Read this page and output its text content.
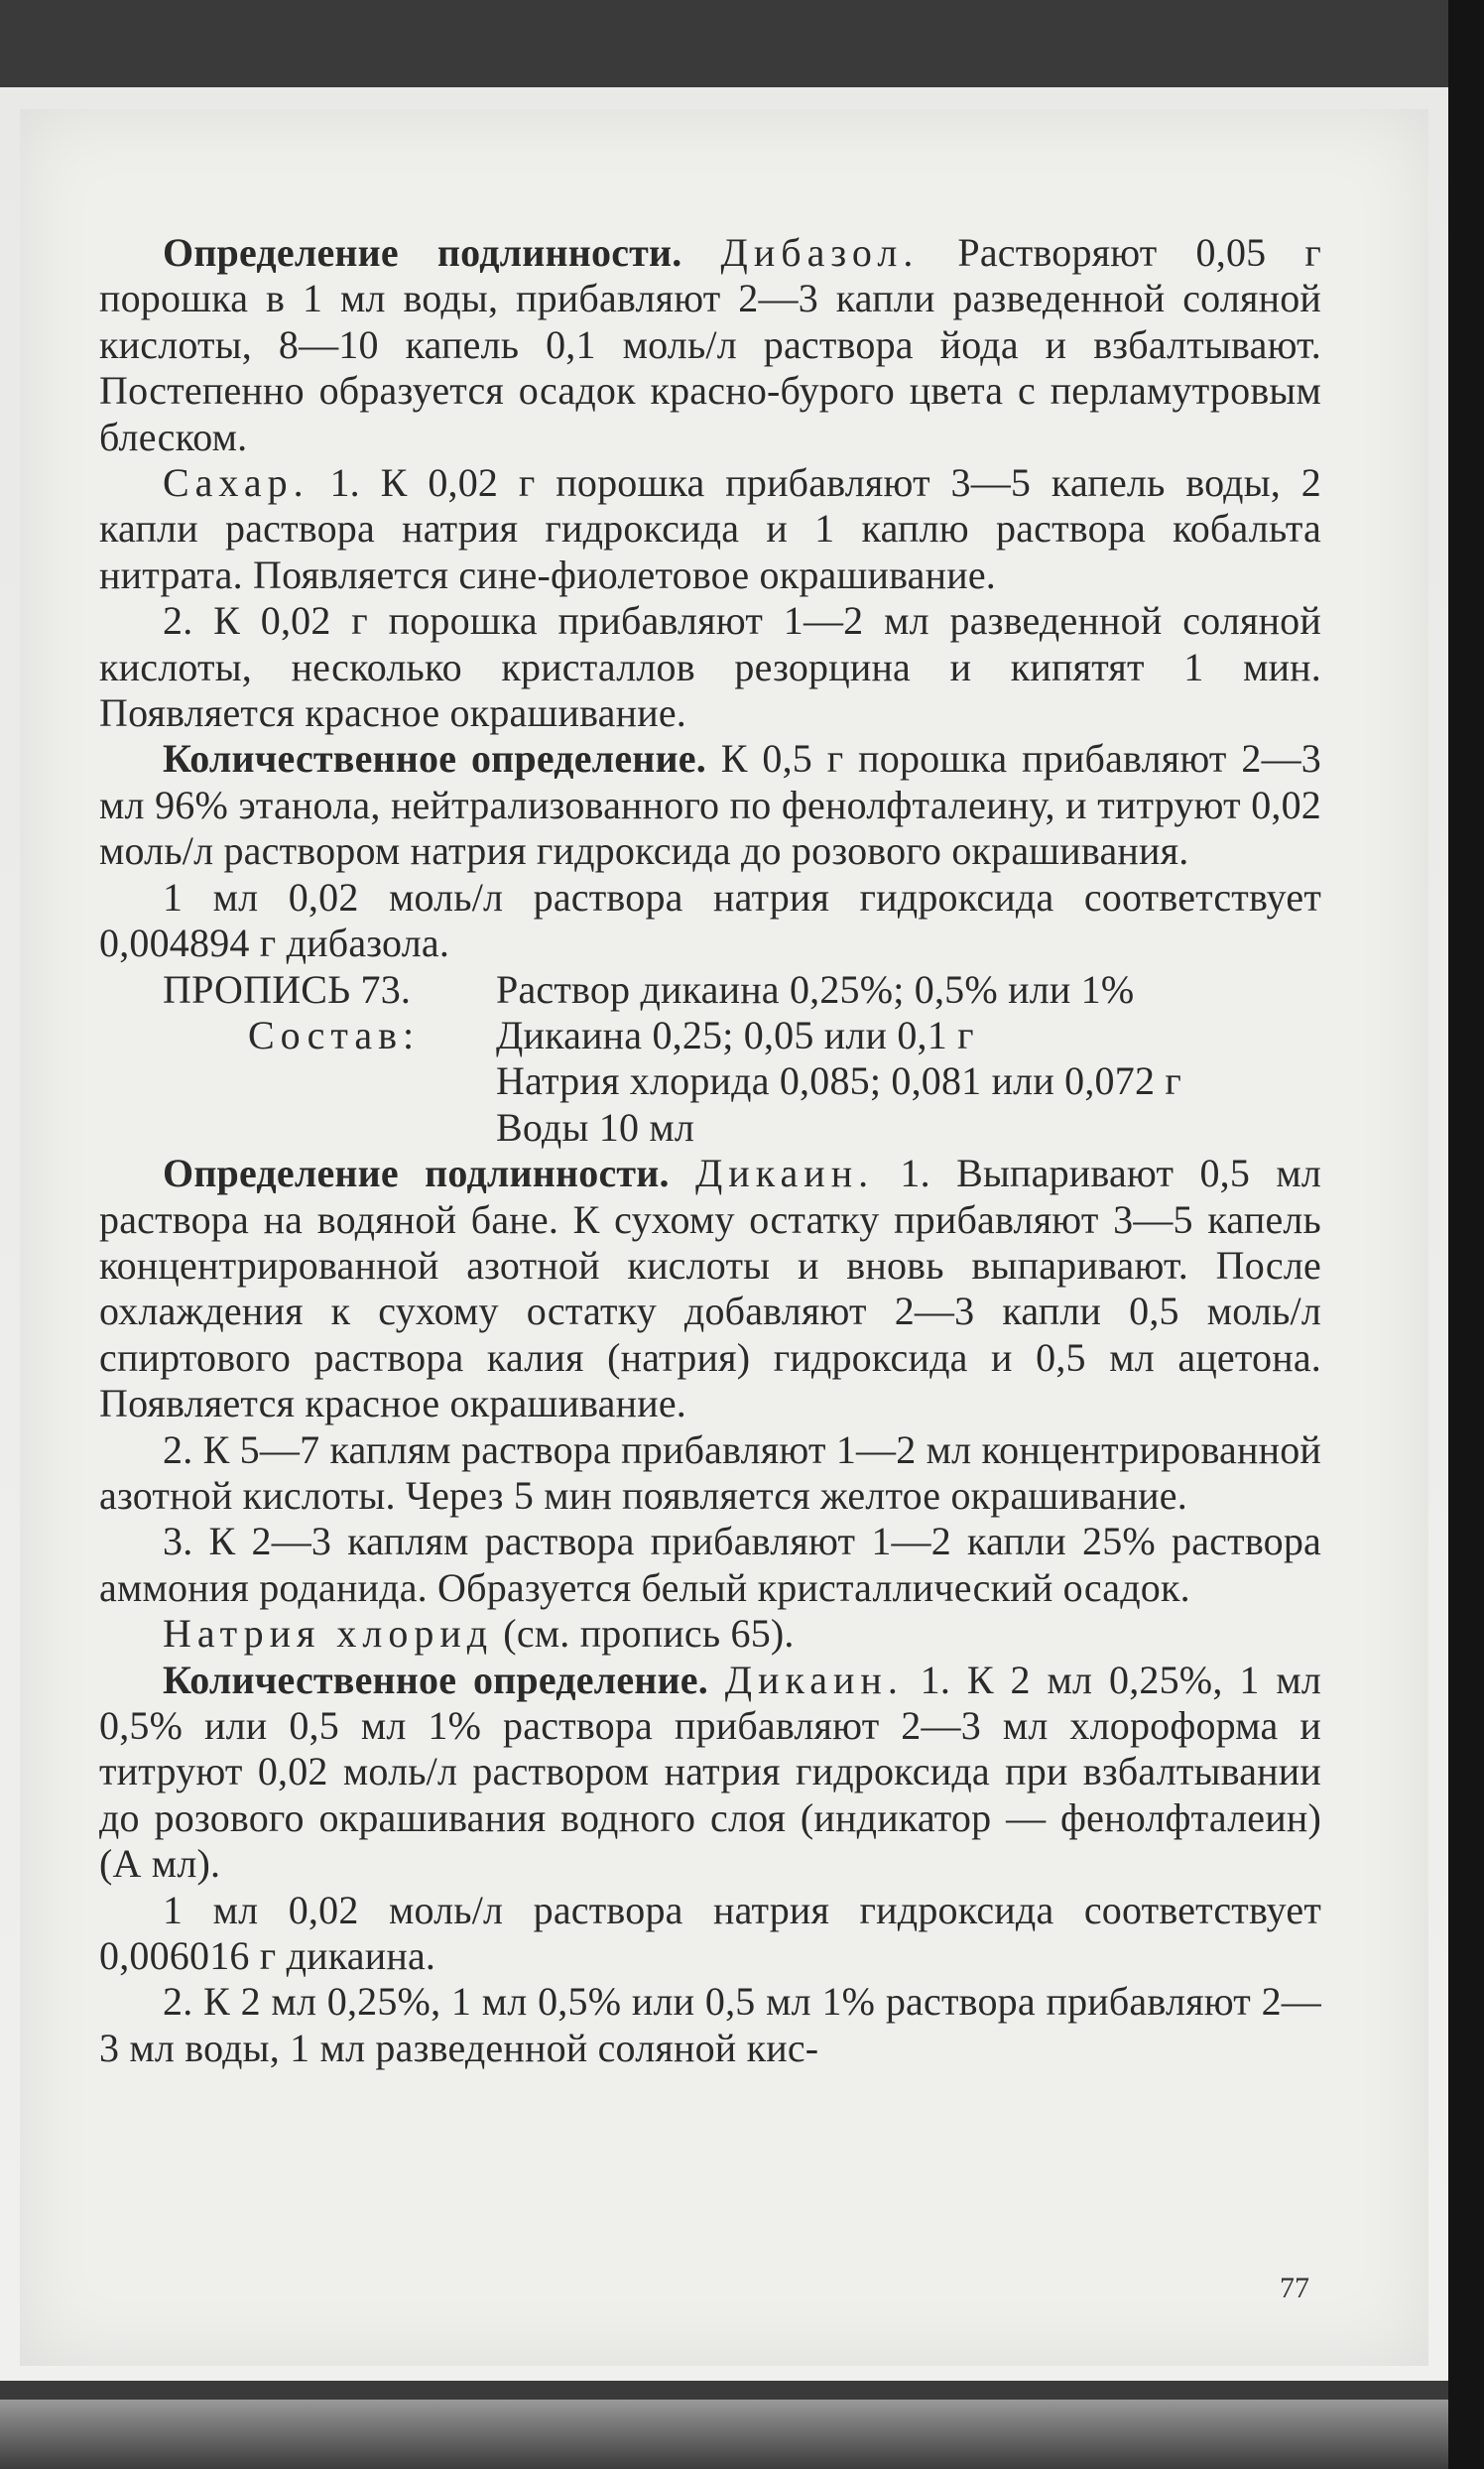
Определение подлинности. Дибазол. Растворяют 0,05 г порошка в 1 мл воды, прибавляют 2—3 капли разведенной соляной кислоты, 8—10 капель 0,1 моль/л раствора йода и взбалтывают. Постепенно образуется осадок красно-бурого цвета с перламутровым блеском.

Сахар. 1. К 0,02 г порошка прибавляют 3—5 капель воды, 2 капли раствора натрия гидроксида и 1 каплю раствора кобальта нитрата. Появляется сине-фиолетовое окрашивание.

2. К 0,02 г порошка прибавляют 1—2 мл разведенной соляной кислоты, несколько кристаллов резорцина и кипятят 1 мин. Появляется красное окрашивание.

Количественное определение. К 0,5 г порошка прибавляют 2—3 мл 96% этанола, нейтрализованного по фенолфталеину, и титруют 0,02 моль/л раствором натрия гидроксида до розового окрашивания.

1 мл 0,02 моль/л раствора натрия гидроксида соответствует 0,004894 г дибазола.

ПРОПИСЬ 73.	Раствор дикаина 0,25%; 0,5% или 1%
Состав:	Дикаина 0,25; 0,05 или 0,1 г
Натрия хлорида 0,085; 0,081 или 0,072 г
Воды 10 мл

Определение подлинности. Дикаин. 1. Выпаривают 0,5 мл раствора на водяной бане. К сухому остатку прибавляют 3—5 капель концентрированной азотной кислоты и вновь выпаривают. После охлаждения к сухому остатку добавляют 2—3 капли 0,5 моль/л спиртового раствора калия (натрия) гидроксида и 0,5 мл ацетона. Появляется красное окрашивание.

2. К 5—7 каплям раствора прибавляют 1—2 мл концентрированной азотной кислоты. Через 5 мин появляется желтое окрашивание.

3. К 2—3 каплям раствора прибавляют 1—2 капли 25% раствора аммония роданида. Образуется белый кристаллический осадок.

Натрия хлорид (см. пропись 65).

Количественное определение. Дикаин. 1. К 2 мл 0,25%, 1 мл 0,5% или 0,5 мл 1% раствора прибавляют 2—3 мл хлороформа и титруют 0,02 моль/л раствором натрия гидроксида при взбалтывании до розового окрашивания водного слоя (индикатор — фенолфталеин) (А мл).

1 мл 0,02 моль/л раствора натрия гидроксида соответствует 0,006016 г дикаина.

2. К 2 мл 0,25%, 1 мл 0,5% или 0,5 мл 1% раствора прибавляют 2—3 мл воды, 1 мл разведенной соляной кис-

77
